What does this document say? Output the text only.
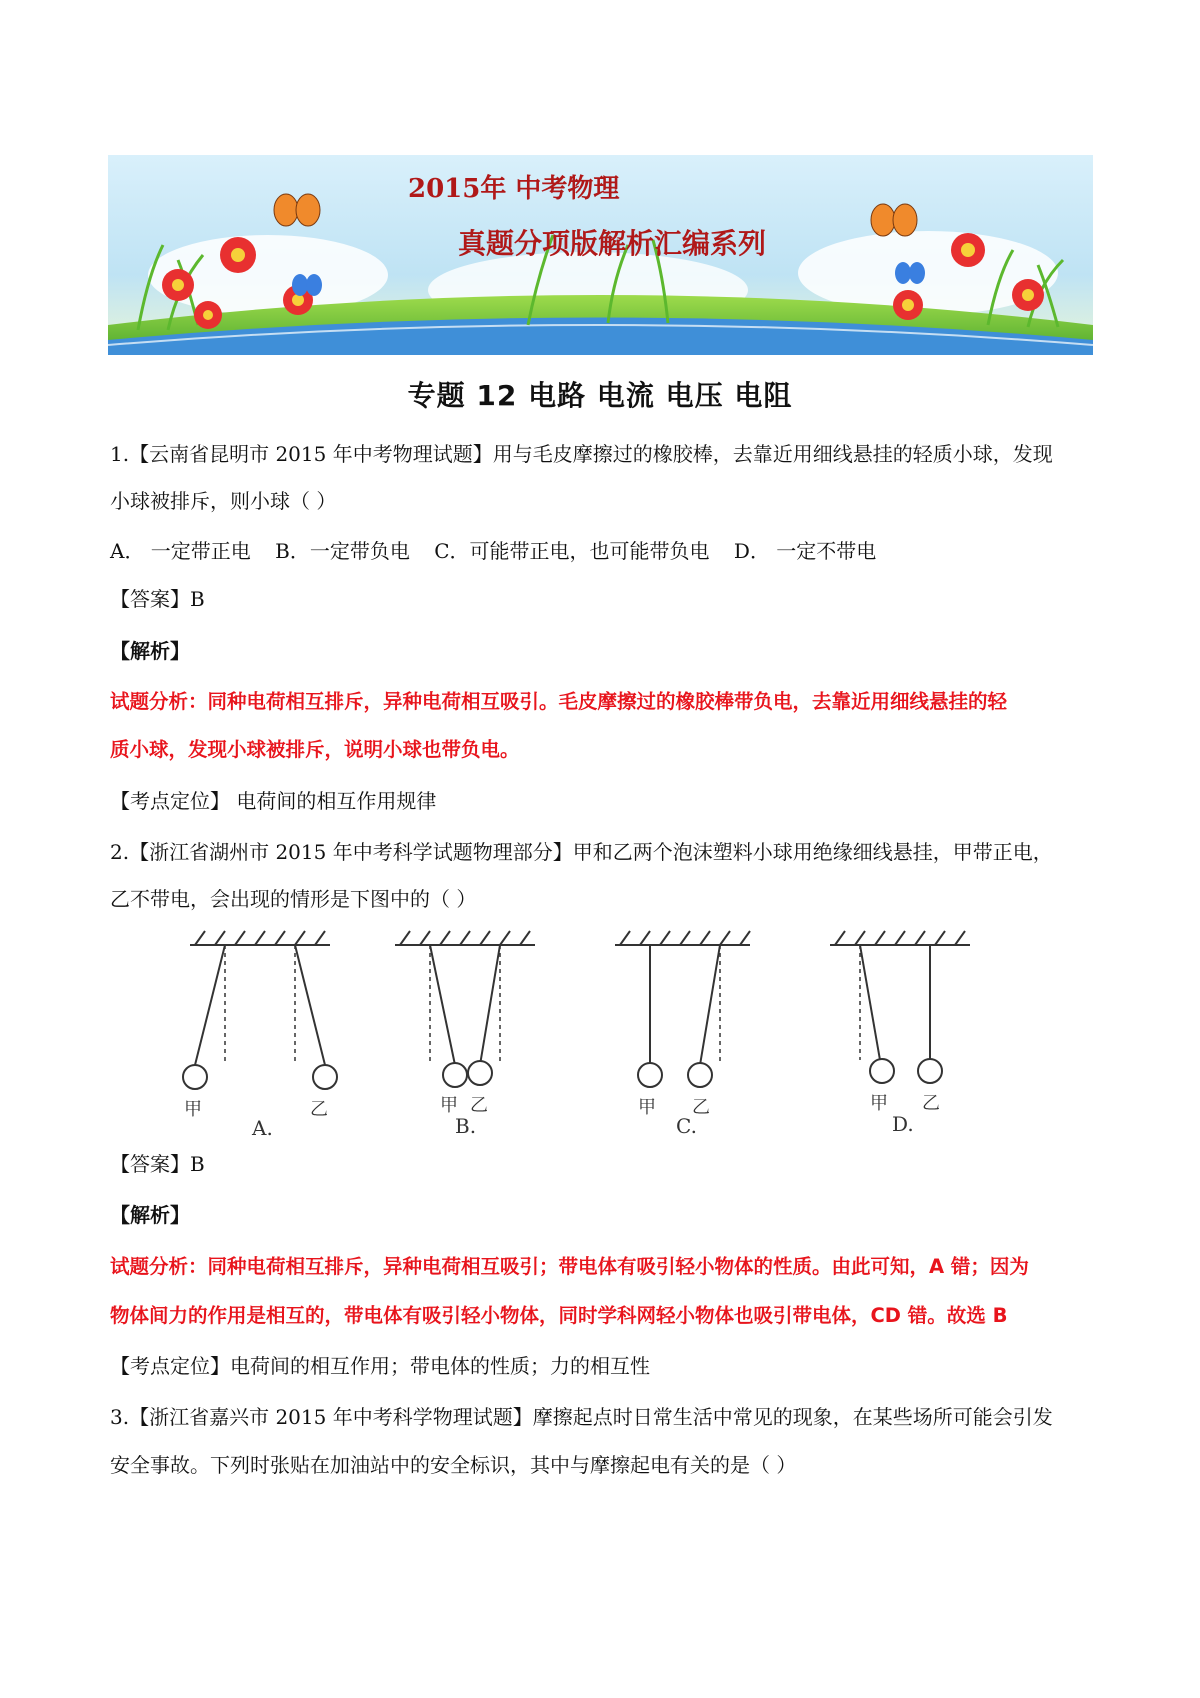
2015年 中考物理
真题分项版解析汇编系列
专题 12 电路 电流 电压 电阻
1.【云南省昆明市 2015 年中考物理试题】用与毛皮摩擦过的橡胶棒，去靠近用细线悬挂的轻质小球，发现
小球被排斥，则小球（ ）
A． 一定带正电 B．一定带负电 C．可能带正电，也可能带负电 D． 一定不带电
【答案】B
【解析】
试题分析：同种电荷相互排斥，异种电荷相互吸引。毛皮摩擦过的橡胶棒带负电，去靠近用细线悬挂的轻
质小球，发现小球被排斥，说明小球也带负电。
【考点定位】 电荷间的相互作用规律
2.【浙江省湖州市 2015 年中考科学试题物理部分】甲和乙两个泡沫塑料小球用绝缘细线悬挂，甲带正电，
乙不带电，会出现的情形是下图中的（ ）
甲	乙	甲 乙	甲 乙	甲 乙
A.	B.	C.	D.
【答案】B
【解析】
试题分析：同种电荷相互排斥，异种电荷相互吸引；带电体有吸引轻小物体的性质。由此可知，A 错；因为
物体间力的作用是相互的，带电体有吸引轻小物体，同时学科网轻小物体也吸引带电体，CD 错。故选 B
【考点定位】电荷间的相互作用；带电体的性质；力的相互性
3.【浙江省嘉兴市 2015 年中考科学物理试题】摩擦起点时日常生活中常见的现象，在某些场所可能会引发
安全事故。下列时张贴在加油站中的安全标识，其中与摩擦起电有关的是（ ）
